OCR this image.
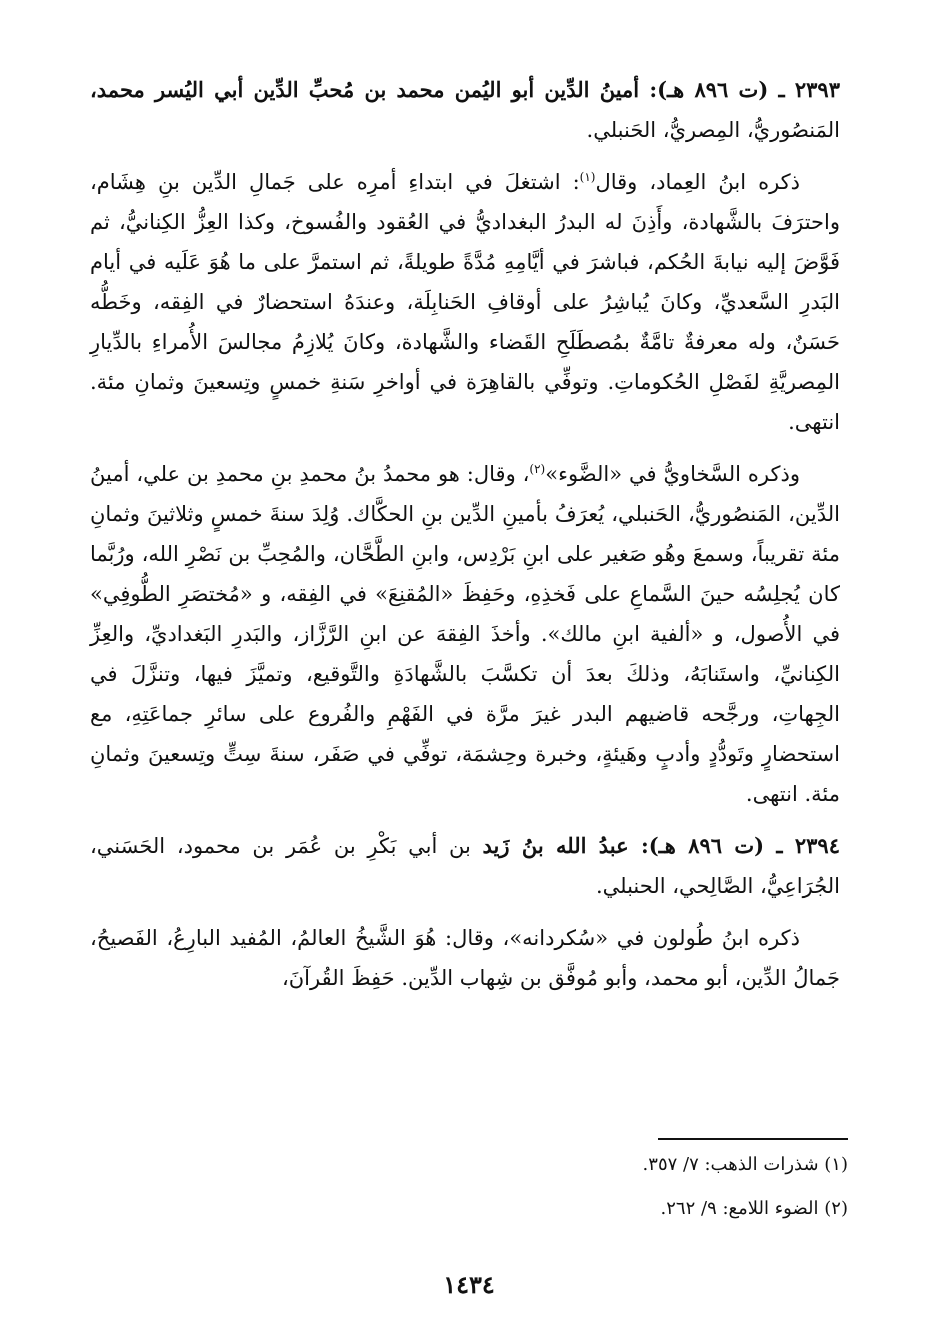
٢٣٩٣ ـ (ت ٨٩٦ هـ): أمينُ الدِّين أبو اليُمن محمد بن مُحبِّ الدِّين أبي اليُسر محمد، المَنصُوريُّ، المِصريُّ، الحَنبلي.

ذكره ابنُ العِماد، وقال$^{(١)}$: اشتغلَ في ابتداءِ أمرِه على جَمالِ الدِّين بنِ هِشَام، واحترَفَ بالشَّهادة، وأَذِنَ له البدرُ البغداديُّ في العُقود والفُسوخ، وكذا العِزُّ الكِنانيُّ، ثم فَوَّضَ إليه نيابةَ الحُكم، فباشرَ في أيَّامِهِ مُدَّةً طويلةً، ثم استمرَّ على ما هُوَ عَلَيه في أيام البَدرِ السَّعديِّ، وكانَ يُباشِرُ على أوقافِ الحَنابِلَة، وعندَهُ استحضارٌ في الفِقه، وخَطُّه حَسَنٌ، وله معرفةٌ تامَّةٌ بمُصطَلَحِ القَضاء والشَّهادة، وكانَ يُلازِمُ مجالسَ الأُمراءِ بالدِّيارِ المِصريَّةِ لفَصْلِ الحُكوماتِ. وتوفِّي بالقاهِرَة في أواخرِ سَنةِ خمسٍ وتِسعينَ وثمانِ مئة. انتهى.

وذكره السَّخاويُّ في «الضَّوء»$^{(٢)}$، وقال: هو محمدُ بنُ محمدِ بنِ محمدِ بن علي، أمينُ الدِّين، المَنصُوريُّ، الحَنبلي، يُعرَفُ بأمينِ الدِّين بنِ الحكَّاك. وُلِدَ سنةَ خمسٍ وثلاثينَ وثمانِ مئة تقريباً، وسمعَ وهُو صَغير على ابنِ بَرْدِس، وابنِ الطَّحَّان، والمُحِبِّ بن نَصْرِ الله، ورُبَّما كان يُجلِسُه حينَ السَّماعِ على فَخذِهِ، وحَفِظَ «المُقنِعَ» في الفِقه، و «مُختصَرِ الطُّوفِي» في الأُصول، و «ألفية ابنِ مالك». وأخذَ الفِقهَ عن ابنِ الرَّزَّاز، والبَدرِ البَغداديِّ، والعِزِّ الكِنانيِّ، واستَنابَهُ، وذلكَ بعدَ أن تكسَّبَ بالشَّهادَةِ والتَّوقيع، وتميَّزَ فيها، وتنزَّلَ في الجِهاتِ، ورجَّحه قاضيهم البدر غيرَ مرَّة في الفَهْمِ والفُروع على سائرِ جماعَتِهِ، مع استحضارٍ وتَودُّدٍ وأدبٍ وهَيئةٍ، وخبرة وحِشمَة، توفِّي في صَفَر، سنةَ سِتٍّ وتِسعينَ وثمانِ مئة. انتهى.

٢٣٩٤ ـ (ت ٨٩٦ هـ): عبدُ الله بنُ زَيد بن أبي بَكْرِ بن عُمَر بن محمود، الحَسَني، الجُرَاعِيُّ، الصَّالِحي، الحنبلي.

ذكره ابنُ طُولون في «سُكردانه»، وقال: هُوَ الشَّيخُ العالمُ، المُفيد البارِعُ، الفَصيحُ، جَمالُ الدِّين، أبو محمد، وأبو مُوفَّق بن شِهاب الدِّين. حَفِظَ القُرآنَ،

(١) شذرات الذهب: ٧/ ٣٥٧.

(٢) الضوء اللامع: ٩/ ٢٦٢.

١٤٣٤
